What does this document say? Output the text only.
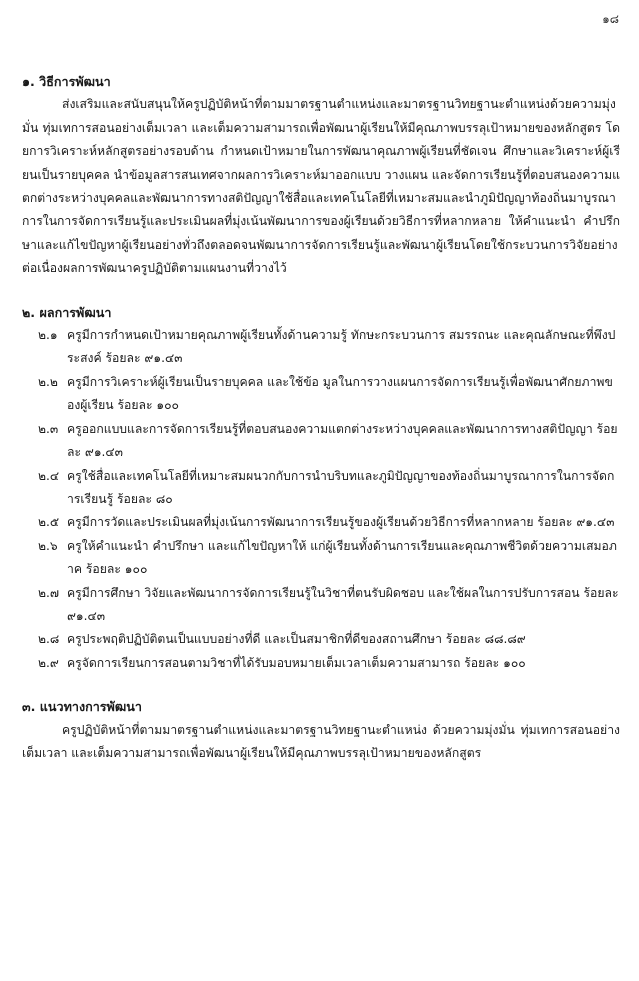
๑๘

๑. วิธีการพัฒนา

ส่งเสริมและสนับสนุนให้ครูปฏิบัติหน้าที่ตามมาตรฐานตำแหน่งและมาตรฐานวิทยฐานะตำแหน่งด้วยความมุ่งมั่น ทุ่มเทการสอนอย่างเต็มเวลา และเต็มความสามารถเพื่อพัฒนาผู้เรียนให้มีคุณภาพบรรลุเป้าหมายของหลักสูตร โดยการวิเคราะห์หลักสูตรอย่างรอบด้าน กำหนดเป้าหมายในการพัฒนาคุณภาพผู้เรียนที่ชัดเจน ศึกษาและวิเคราะห์ผู้เรียนเป็นรายบุคคล นำข้อมูลสารสนเทศจากผลการวิเคราะห์มาออกแบบ วางแผน และจัดการเรียนรู้ที่ตอบสนองความแตกต่างระหว่างบุคคลและพัฒนาการทางสติปัญญาใช้สื่อและเทคโนโลยีที่เหมาะสมและนำภูมิปัญญาท้องถิ่นมาบูรณาการในการจัดการเรียนรู้และประเมินผลที่มุ่งเน้นพัฒนาการของผู้เรียนด้วยวิธีการที่หลากหลาย ให้คำแนะนำ คำปรึกษาและแก้ไขปัญหาผู้เรียนอย่างทั่วถึงตลอดจนพัฒนาการจัดการเรียนรู้และพัฒนาผู้เรียนโดยใช้กระบวนการวิจัยอย่างต่อเนื่องผลการพัฒนาครูปฏิบัติตามแผนงานที่วางไว้

๒. ผลการพัฒนา

๒.๑ ครูมีการกำหนดเป้าหมายคุณภาพผู้เรียนทั้งด้านความรู้ ทักษะกระบวนการ สมรรถนะ และคุณลักษณะที่พึงประสงค์ ร้อยละ ๙๑.๔๓
๒.๒ ครูมีการวิเคราะห์ผู้เรียนเป็นรายบุคคล และใช้ข้อ มูลในการวางแผนการจัดการเรียนรู้เพื่อพัฒนาศักยภาพของผู้เรียน ร้อยละ ๑๐๐
๒.๓ ครูออกแบบและการจัดการเรียนรู้ที่ตอบสนองความแตกต่างระหว่างบุคคลและพัฒนาการทางสติปัญญา ร้อยละ ๙๑.๔๓
๒.๔ ครูใช้สื่อและเทคโนโลยีที่เหมาะสมผนวกกับการนำบริบทและภูมิปัญญาของท้องถิ่นมาบูรณาการในการจัดการเรียนรู้ ร้อยละ ๘๐
๒.๕ ครูมีการวัดและประเมินผลที่มุ่งเน้นการพัฒนาการเรียนรู้ของผู้เรียนด้วยวิธีการที่หลากหลาย ร้อยละ ๙๑.๔๓
๒.๖ ครูให้คำแนะนำ คำปรึกษา และแก้ไขปัญหาให้ แก่ผู้เรียนทั้งด้านการเรียนและคุณภาพชีวิตด้วยความเสมอภาค ร้อยละ ๑๐๐
๒.๗ ครูมีการศึกษา วิจัยและพัฒนาการจัดการเรียนรู้ในวิชาที่ตนรับผิดชอบ และใช้ผลในการปรับการสอน ร้อยละ ๙๑.๔๓
๒.๘ ครูประพฤติปฏิบัติตนเป็นแบบอย่างที่ดี และเป็นสมาชิกที่ดีของสถานศึกษา ร้อยละ ๘๘.๘๙
๒.๙ ครูจัดการเรียนการสอนตามวิชาที่ได้รับมอบหมายเต็มเวลาเต็มความสามารถ ร้อยละ ๑๐๐

๓. แนวทางการพัฒนา

ครูปฏิบัติหน้าที่ตามมาตรฐานตำแหน่งและมาตรฐานวิทยฐานะตำแหน่ง ด้วยความมุ่งมั่น ทุ่มเทการสอนอย่างเต็มเวลา และเต็มความสามารถเพื่อพัฒนาผู้เรียนให้มีคุณภาพบรรลุเป้าหมายของหลักสูตร
